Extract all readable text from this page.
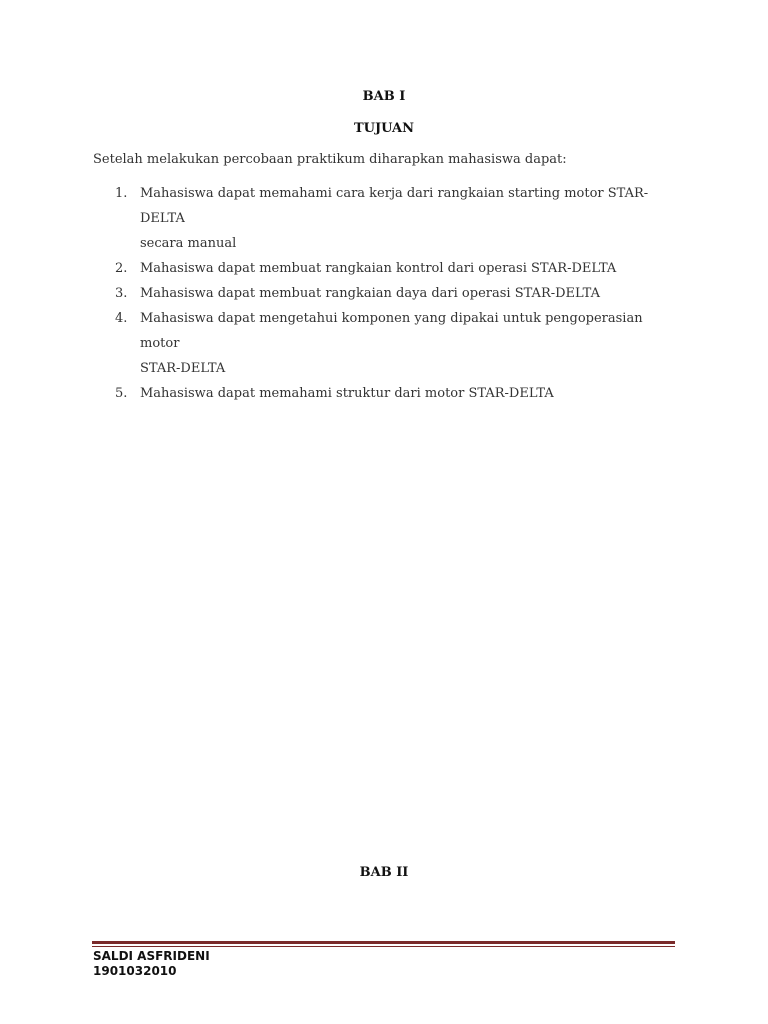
BAB I
TUJUAN
Setelah melakukan percobaan praktikum diharapkan mahasiswa dapat:
1. Mahasiswa dapat memahami cara kerja dari rangkaian starting motor STAR-DELTA
secara manual
2. Mahasiswa dapat membuat rangkaian kontrol dari operasi STAR-DELTA
3. Mahasiswa dapat membuat rangkaian daya dari operasi STAR-DELTA
4. Mahasiswa dapat mengetahui komponen yang dipakai untuk pengoperasian motor
STAR-DELTA
5. Mahasiswa dapat memahami struktur dari motor STAR-DELTA
BAB II
SALDI ASFRIDENI
1901032010
